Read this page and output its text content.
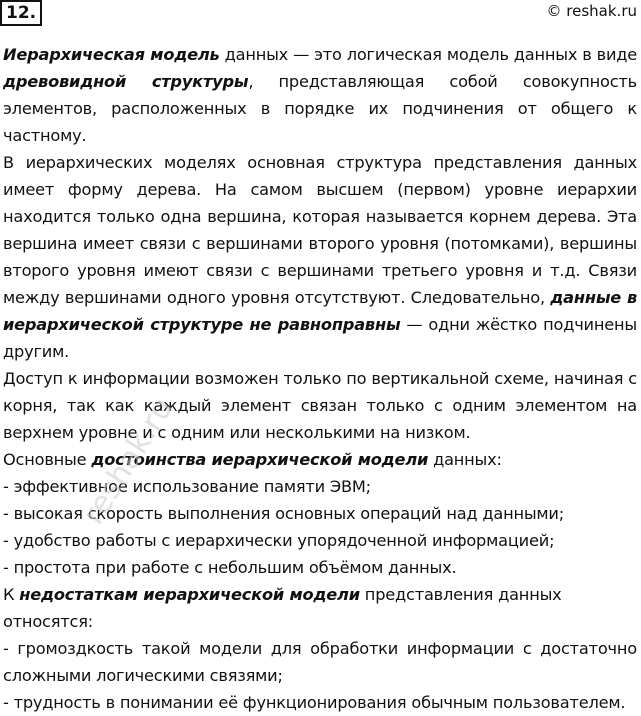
12.	© reshak.ru

Иерархическая модель данных — это логическая модель данных в виде древовидной структуры, представляющая собой совокупность элементов, расположенных в порядке их подчинения от общего к частному.

В иерархических моделях основная структура представления данных имеет форму дерева. На самом высшем (первом) уровне иерархии находится только одна вершина, которая называется корнем дерева. Эта вершина имеет связи с вершинами второго уровня (потомками), вершины второго уровня имеют связи с вершинами третьего уровня и т.д. Связи между вершинами одного уровня отсутствуют. Следовательно, данные в иерархической структуре не равноправны — одни жёстко подчинены другим.

Доступ к информации возможен только по вертикальной схеме, начиная с корня, так как каждый элемент связан только с одним элементом на верхнем уровне и с одним или несколькими на низком.

Основные достоинства иерархической модели данных:

- эффективное использование памяти ЭВМ;

- высокая скорость выполнения основных операций над данными;

- удобство работы с иерархически упорядоченной информацией;

- простота при работе с небольшим объёмом данных.

К недостаткам иерархической модели представления данных относятся:

- громоздкость такой модели для обработки информации с достаточно сложными логическими связями;

- трудность в понимании её функционирования обычным пользователем.

reshak.ru
